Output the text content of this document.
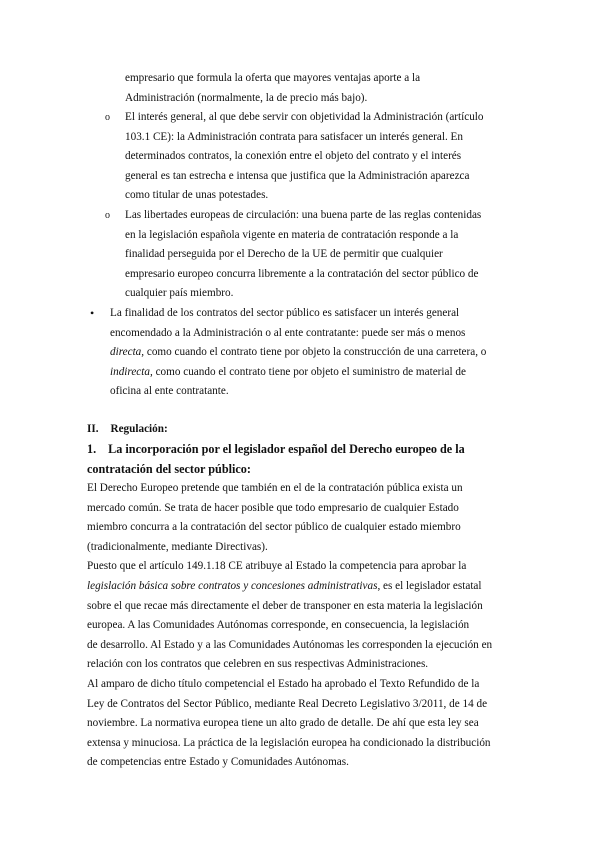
empresario que formula la oferta que mayores ventajas aporte a la

Administración (normalmente, la de precio más bajo).

o El interés general, al que debe servir con objetividad la Administración (artículo

103.1 CE): la Administración contrata para satisfacer un interés general. En

determinados contratos, la conexión entre el objeto del contrato y el interés

general es tan estrecha e intensa que justifica que la Administración aparezca

como titular de unas potestades.

o Las libertades europeas de circulación: una buena parte de las reglas contenidas

en la legislación española vigente en materia de contratación responde a la

finalidad perseguida por el Derecho de la UE de permitir que cualquier

empresario europeo concurra libremente a la contratación del sector público de

cualquier país miembro.

• La finalidad de los contratos del sector público es satisfacer un interés general

encomendado a la Administración o al ente contratante: puede ser más o menos

directa, como cuando el contrato tiene por objeto la construcción de una carretera, o

indirecta, como cuando el contrato tiene por objeto el suministro de material de

oficina al ente contratante.

II. Regulación:

1. La incorporación por el legislador español del Derecho europeo de la

contratación del sector público:

El Derecho Europeo pretende que también en el de la contratación pública exista un

mercado común. Se trata de hacer posible que todo empresario de cualquier Estado

miembro concurra a la contratación del sector público de cualquier estado miembro

(tradicionalmente, mediante Directivas).

Puesto que el artículo 149.1.18 CE atribuye al Estado la competencia para aprobar la

legislación básica sobre contratos y concesiones administrativas, es el legislador estatal

sobre el que recae más directamente el deber de transponer en esta materia la legislación

europea. A las Comunidades Autónomas corresponde, en consecuencia, la legislación

de desarrollo. Al Estado y a las Comunidades Autónomas les corresponden la ejecución en

relación con los contratos que celebren en sus respectivas Administraciones.

Al amparo de dicho título competencial el Estado ha aprobado el Texto Refundido de la

Ley de Contratos del Sector Público, mediante Real Decreto Legislativo 3/2011, de 14 de

noviembre. La normativa europea tiene un alto grado de detalle. De ahí que esta ley sea

extensa y minuciosa. La práctica de la legislación europea ha condicionado la distribución

de competencias entre Estado y Comunidades Autónomas.
